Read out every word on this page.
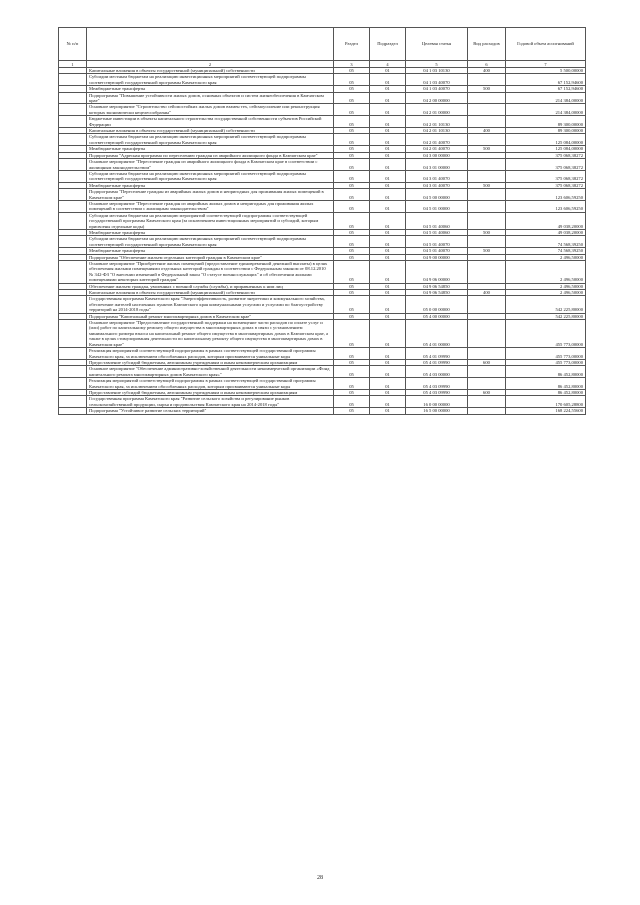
№ п/п		Раздел	Подраздел	Целевая статья	Вид расходов	Годовой объем ассигнований
1	2	3	4	5	6	7
	Капитальные вложения в объекты государственной (муниципальной) собственности	05	01	04 1 03 10130	400	5 500,00000
	Субсидии местным бюджетам на реализацию инвестиционных мероприятий соответствующей подпрограммы соответствующей государственной программы Камчатского края	05	01	04 1 03 40070		67 152,94600
	Межбюджетные трансферты	05	01	04 1 03 40070	500	67 152,94600
	Подпрограмма "Повышение устойчивости жилых домов, основных объектов и систем жизнеобеспечения в Камчатском крае"	05	01	04 2 00 00000		214 384,00000
	Основное мероприятие "Строительство сейсмостойких жилых домов взамен тех, сейсмоусиление или реконструкция которых экономически нецелесообразны"	05	01	04 2 01 00000		214 384,00000
	Бюджетные инвестиции в объекты капитального строительства государственной собственности субъектов Российской Федерации	05	01	04 2 01 10130		89 300,00000
	Капитальные вложения в объекты государственной (муниципальной) собственности	05	01	04 2 01 10130	400	89 300,00000
	Субсидии местным бюджетам на реализацию инвестиционных мероприятий соответствующей подпрограммы соответствующей государственной программы Камчатского края	05	01	04 2 01 40070		125 084,00000
	Межбюджетные трансферты	05	01	04 2 01 40070	500	125 084,00000
	Подпрограмма "Адресная программа по переселению граждан из аварийного жилищного фонда в Камчатском крае"	05	01	04 3 00 00000		375 068,38272
	Основное мероприятие "Переселение граждан из аварийного жилищного фонда в Камчатском крае в соответствии с жилищным законодательством"	05	01	04 3 01 00000		375 068,38272
	Субсидии местным бюджетам на реализацию инвестиционных мероприятий соответствующей подпрограммы соответствующей государственной программы Камчатского края	05	01	04 3 01 40070		375 068,38272
	Межбюджетные трансферты	05	01	04 3 01 40070	500	375 068,38272
	Подпрограмма "Переселение граждан из аварийных жилых домов и непригодных для проживания жилых помещений в Камчатском крае"	05	01	04 5 00 00000		123 606,59250
	Основное мероприятие "Переселение граждан из аварийных жилых домов и непригодных для проживания жилых помещений в соответствии с жилищным законодательством"	05	01	04 5 01 00000		123 606,59250
	Субсидии местным бюджетам на реализацию мероприятий соответствующей подпрограммы соответствующей государственной программы Камчатского края (за исключением инвестиционных мероприятий и субсидий, которым присвоены отдельные коды)	05	01	04 5 01 40060		49 038,20000
	Межбюджетные трансферты	05	01	04 5 01 40060	500	49 038,20000
	Субсидии местным бюджетам на реализацию инвестиционных мероприятий соответствующей подпрограммы соответствующей государственной программы Камчатского края	05	01	04 5 01 40070		74 568,39250
	Межбюджетные трансферты	05	01	04 5 01 40070	500	74 568,39250
	Подпрограмма "Обеспечение жильем отдельных категорий граждан в Камчатском крае"	05	01	04 9 00 00000		2 496,50000
	Основное мероприятие "Приобретение жилых помещений (предоставление единовременной денежной выплаты) в целях обеспечения жилыми помещениями отдельных категорий граждан в соответствии с Федеральным законом от 08.12.2010 № 342-ФЗ "О внесении изменений в Федеральный закон "О статусе военнослужащих" и об обеспечении жилыми помещениями некоторых категорий граждан"	05	01	04 9 06 00000		2 496,50000
	Обеспечение жильем граждан, уволенных с военной службы (службы), и приравненных к ним лиц	05	01	04 9 06 54850		2 496,50000
	Капитальные вложения в объекты государственной (муниципальной) собственности	05	01	04 9 06 54850	400	2 496,50000
	Государственная программа Камчатского края "Энергоэффективность, развитие энергетики и коммунального хозяйства, обеспечение жителей населенных пунктов Камчатского края коммунальными услугами и услугами по благоустройству территорий на 2014-2018 годы"	05	01	05 0 00 00000		542 225,80000
	Подпрограмма "Капитальный ремонт многоквартирных домов в Камчатском крае"	05	01	05 4 00 00000		542 225,80000
	Основное мероприятие "Предоставление государственной поддержки на возмещение части расходов по оплате услуг и (или) работ по капитальному ремонту общего имущества в многоквартирных домах в связи с установлением минимального размера взноса на капитальный ремонт общего имущества в многоквартирных домах в Камчатском крае, а также в целях стимулирования деятельности по капитальному ремонту общего имущества в многоквартирных домах в Камчатском крае"	05	01	05 4 01 00000		455 773,00000
	Реализация мероприятий соответствующей подпрограммы в рамках соответствующей государственной программы Камчатского края, за исключением обособленных расходов, которым присваиваются уникальные коды	05	01	05 4 01 09990		455 773,00000
	Предоставление субсидий бюджетным, автономным учреждениям и иным некоммерческим организациям	05	01	05 4 01 09990	600	455 773,00000
	Основное мероприятие "Обеспечение административно-хозяйственной деятельности некоммерческой организации «Фонд капитального ремонта многоквартирных домов Камчатского края»"	05	01	05 4 03 00000		86 452,80000
	Реализация мероприятий соответствующей подпрограммы в рамках соответствующей государственной программы Камчатского края, за исключением обособленных расходов, которым присваиваются уникальные коды	05	01	05 4 03 09990		86 452,80000
	Предоставление субсидий бюджетным, автономным учреждениям и иным некоммерческим организациям	05	01	05 4 03 09990	600	86 452,80000
	Государственная программа Камчатского края "Развитие сельского хозяйства и регулирование рынков сельскохозяйственной продукции, сырья и продовольствия Камчатского края на 2014-2018 годы"	05	01	16 0 00 00000		170 605,28800
	Подпрограмма "Устойчивое развитие сельских территорий"	05	01	16 5 00 00000		168 224,55600
28
